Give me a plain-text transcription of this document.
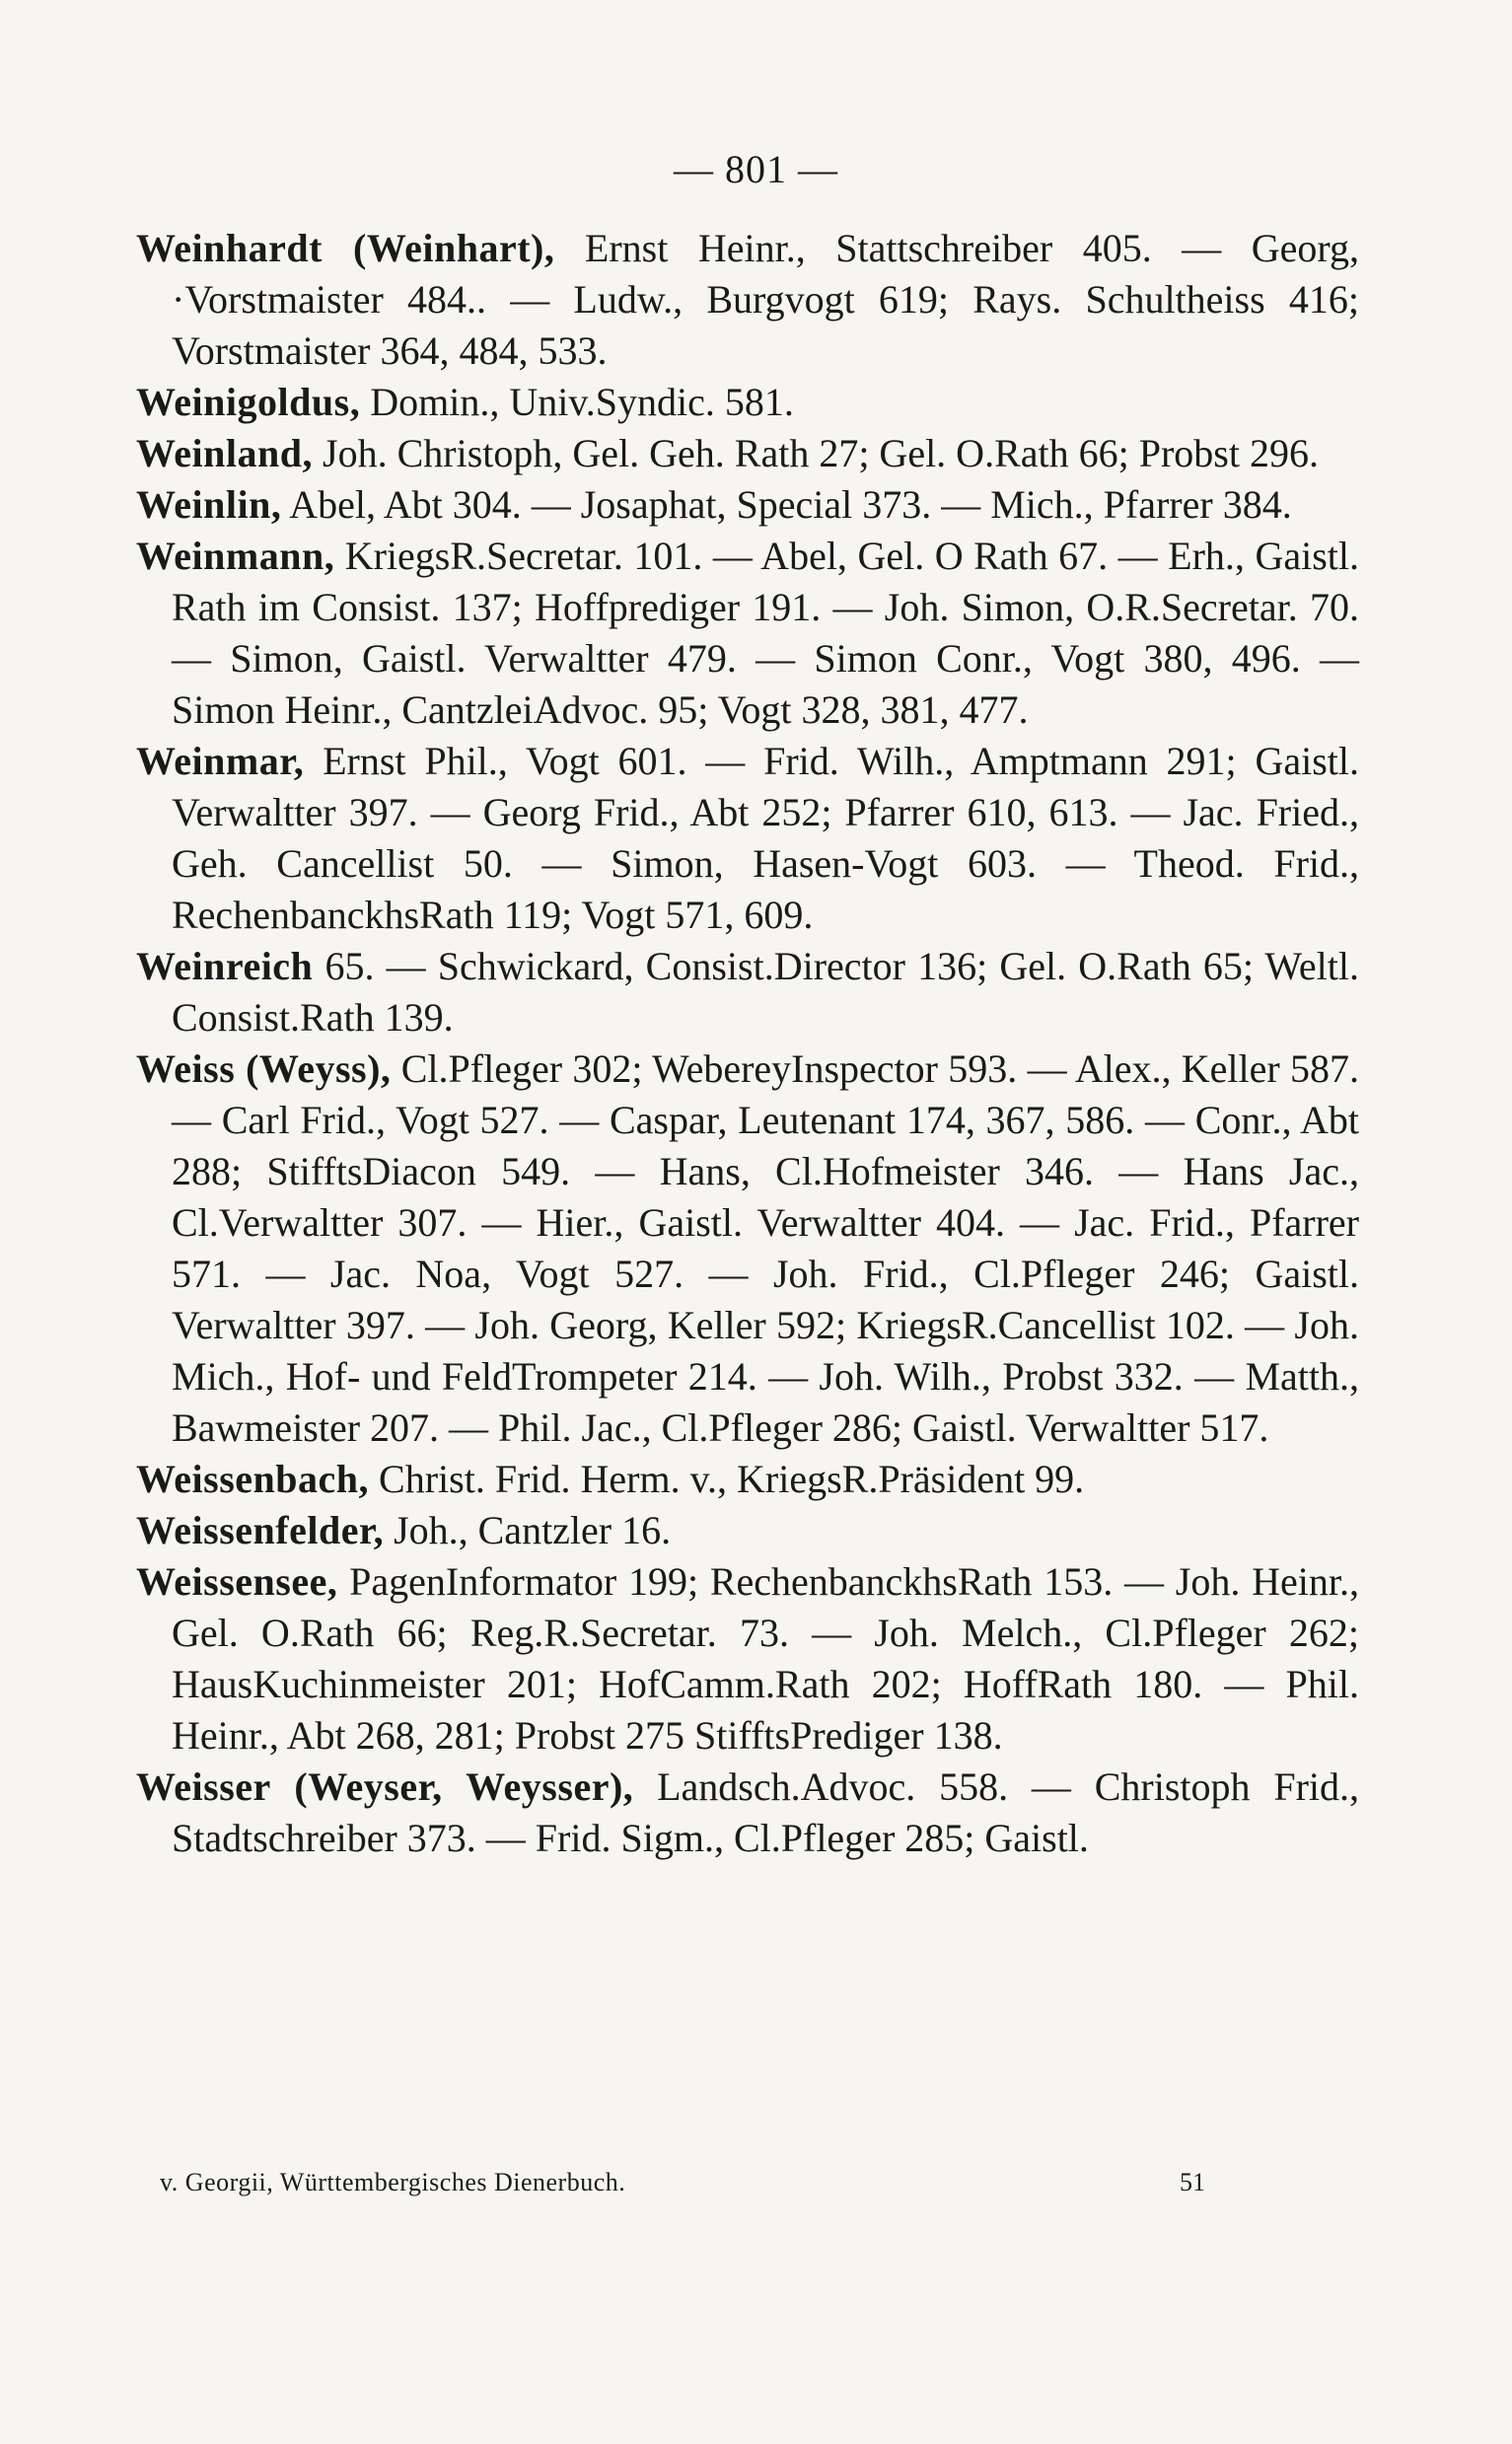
— 801 —

Weinhardt (Weinhart), Ernst Heinr., Stattschreiber 405. — Georg, ·Vorstmaister 484.. — Ludw., Burgvogt 619; Rays. Schultheiss 416; Vorstmaister 364, 484, 533.

Weinigoldus, Domin., Univ.Syndic. 581.

Weinland, Joh. Christoph, Gel. Geh. Rath 27; Gel. O.Rath 66; Probst 296.

Weinlin, Abel, Abt 304. — Josaphat, Special 373. — Mich., Pfarrer 384.

Weinmann, KriegsR.Secretar. 101. — Abel, Gel. O Rath 67. — Erh., Gaistl. Rath im Consist. 137; Hoffprediger 191. — Joh. Simon, O.R.Secretar. 70. — Simon, Gaistl. Verwaltter 479. — Simon Conr., Vogt 380, 496. — Simon Heinr., CantzleiAdvoc. 95; Vogt 328, 381, 477.

Weinmar, Ernst Phil., Vogt 601. — Frid. Wilh., Amptmann 291; Gaistl. Verwaltter 397. — Georg Frid., Abt 252; Pfarrer 610, 613. — Jac. Fried., Geh. Cancellist 50. — Simon, Hasen-Vogt 603. — Theod. Frid., RechenbanckhsRath 119; Vogt 571, 609.

Weinreich 65. — Schwickard, Consist.Director 136; Gel. O.Rath 65; Weltl. Consist.Rath 139.

Weiss (Weyss), Cl.Pfleger 302; WebereyInspector 593. — Alex., Keller 587. — Carl Frid., Vogt 527. — Caspar, Leutenant 174, 367, 586. — Conr., Abt 288; StifftsDiacon 549. — Hans, Cl.Hofmeister 346. — Hans Jac., Cl.Verwaltter 307. — Hier., Gaistl. Verwaltter 404. — Jac. Frid., Pfarrer 571. — Jac. Noa, Vogt 527. — Joh. Frid., Cl.Pfleger 246; Gaistl. Verwaltter 397. — Joh. Georg, Keller 592; KriegsR.Cancellist 102. — Joh. Mich., Hof- und FeldTrompeter 214. — Joh. Wilh., Probst 332. — Matth., Bawmeister 207. — Phil. Jac., Cl.Pfleger 286; Gaistl. Verwaltter 517.

Weissenbach, Christ. Frid. Herm. v., KriegsR.Präsident 99.

Weissenfelder, Joh., Cantzler 16.

Weissensee, PagenInformator 199; RechenbanckhsRath 153. — Joh. Heinr., Gel. O.Rath 66; Reg.R.Secretar. 73. — Joh. Melch., Cl.Pfleger 262; HausKuchinmeister 201; HofCamm.Rath 202; HoffRath 180. — Phil. Heinr., Abt 268, 281; Probst 275 StifftsPrediger 138.

Weisser (Weyser, Weysser), Landsch.Advoc. 558. — Christoph Frid., Stadtschreiber 373. — Frid. Sigm., Cl.Pfleger 285; Gaistl.

v. Georgii, Württembergisches Dienerbuch.	51
